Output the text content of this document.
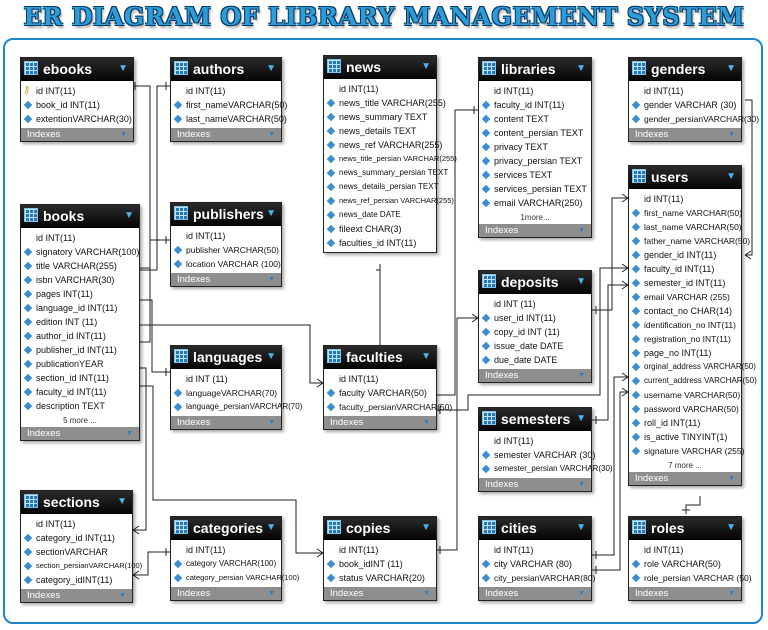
ER DIAGRAM OF LIBRARY MANAGEMENT SYSTEM
ebooks	▼
⚷ id INT(11)
book_id INT(11)
extentionVARCHAR(30)
Indexes	▼
authors ▼
id INT(11)
first_nameVARCHAR(50)
last_nameVARCHAR(50)
Indexes	▼
news	▼
id INT(11)
news_title VARCHAR(255)
news_summary TEXT
news_details TEXT
news_ref VARCHAR(255)
news_title_persian VARCHAR(255)
news_summary_persian TEXT
news_details_persian TEXT
news_ref_persian VARCHAR(255)
news_date DATE
fileext CHAR(3)
faculties_id INT(11)
libraries ▼
id INT(11)
faculty_id INT(11)
content TEXT
content_persian TEXT
privacy TEXT
privacy_persian TEXT
services TEXT
services_persian TEXT
email VARCHAR(250)
1more...
Indexes	▼
genders ▼
id INT(11)
gender VARCHAR (30)
gender_persianVARCHAR(30)
Indexes	▼
books	▼
id INT(11)
signatory VARCHAR(100)
title VARCHAR(255)
isbn VARCHAR(30)
pages INT(11)
language_id INT(11)
edition INT (11)
author_id INT(11)
publisher_id INT(11)
publicationYEAR
section_id INT(11)
faculty_id INT(11)
description TEXT
5 more ...
Indexes	▼
publishers ▼
id INT(11)
publisher VARCHAR(50)
location VARCHAR (100)
Indexes	▼	deposits ▼
id INT (11)
user_id INT(11)
copy_id INT (11)
issue_date DATE
due_date DATE
Indexes	▼
users	▼
id INT(11)
first_name VARCHAR(50)
last_name VARCHAR(50)
father_name VARCHAR(50)
gender_id INT(11)
faculty_id INT(11)
semester_id INT(11)
email VARCHAR (255)
contact_no CHAR(14)
identification_no INT(11)
registration_no INT(11)
page_no INT(11)
orginal_address VARCHAR(50)
current_address VARCHAR(50)
username VARCHAR(50)
password VARCHAR(50)
roll_id INT(11)
is_active TINYINT(1)
signature VARCHAR (255)
7 more ...
Indexes	▼
languages ▼
id INT (11)
languageVARCHAR(70)
language_persianVARCHAR(70)
Indexes	▼
faculties ▼
id INT(11)
faculty VARCHAR(50)
faculty_persianVARCHAR(50)
Indexes	▼	semesters ▼
id INT(11)
semester VARCHAR (30)
semester_persian VARCHAR(30)
Indexes	▼
sections ▼
id INT(11)
category_id INT(11)
sectionVARCHAR
section_persianVARCHAR(100)
category_idINT(11)
Indexes	▼
categories ▼
id INT(11)
category VARCHAR(100)
category_persian VARCHAR(100)
Indexes	▼
copies	▼
id INT(11)
book_idINT (11)
status VARCHAR(20)
Indexes	▼
cities	▼
id INT(11)
city VARCHAR (80)
city_persianVARCHAR(80)
Indexes	▼
roles	▼
id INT(11)
role VARCHAR(50)
role_persian VARCHAR (50)
Indexes	▼
